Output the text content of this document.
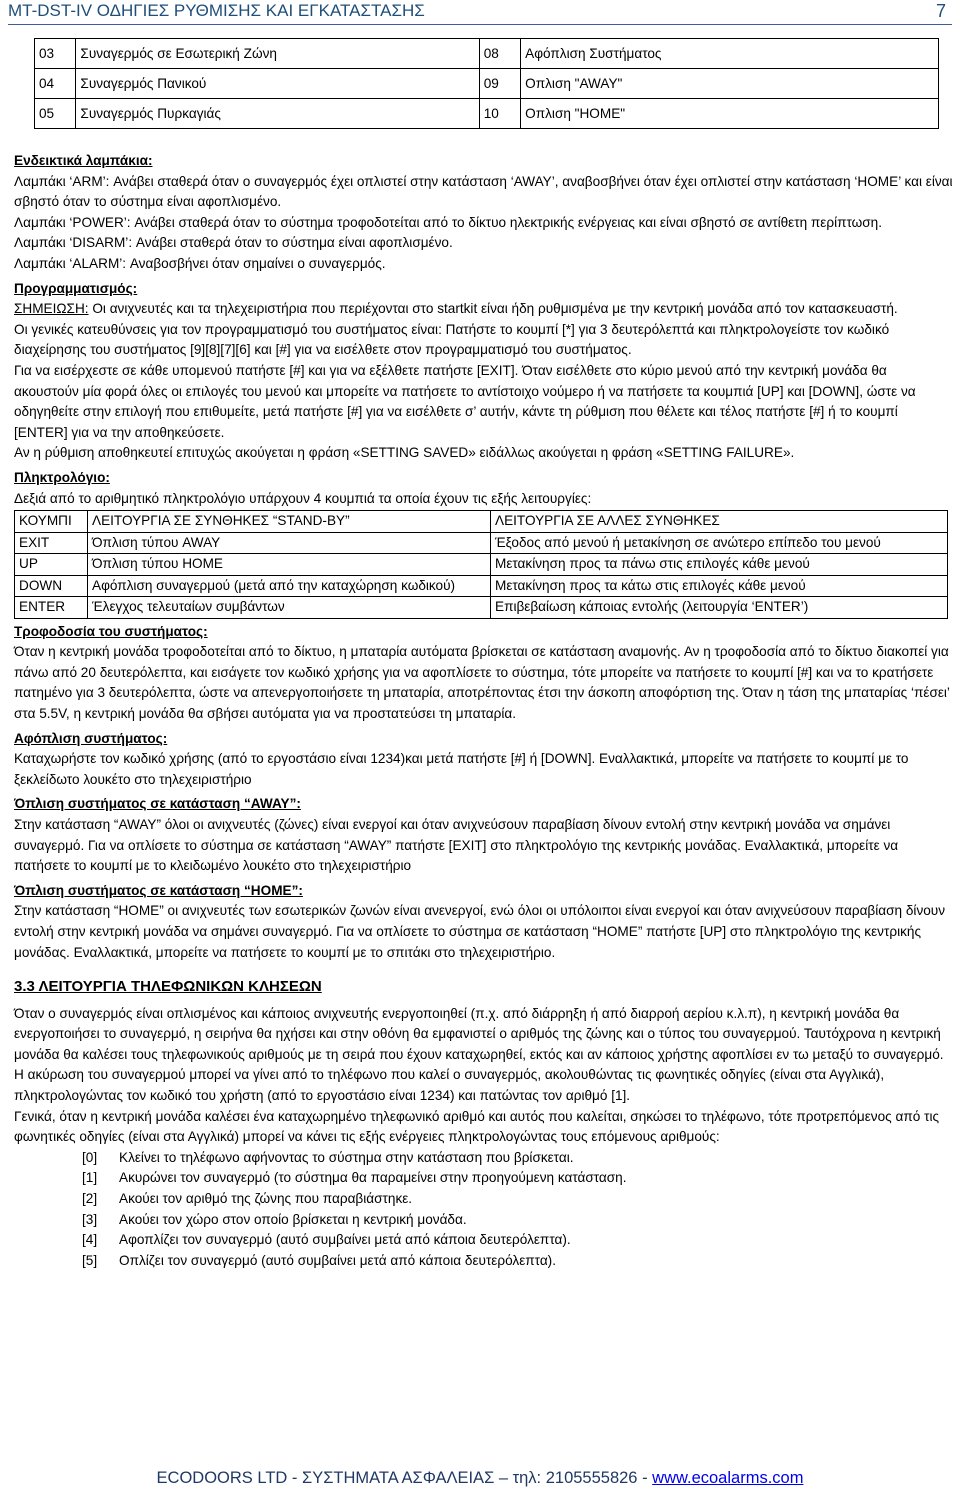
MT-DST-IV ΟΔΗΓΙΕΣ ΡΥΘΜΙΣΗΣ ΚΑΙ ΕΓΚΑΤΑΣΤΑΣΗΣ	7
03	Συναγερμός σε Εσωτερική Ζώνη	08	Αφόπλιση Συστήματος
04	Συναγερμός Πανικού	09	Οπλιση "AWAY"
05	Συναγερμός Πυρκαγιάς	10	Οπλιση "HOME"

Ενδεικτικά λαμπάκια:

Λαμπάκι ‘ARM’: Ανάβει σταθερά όταν ο συναγερμός έχει οπλιστεί στην κατάσταση ‘AWAY’, αναβοσβήνει όταν έχει οπλιστεί στην κατάσταση ‘HOME’ και είναι σβηστό όταν το σύστημα είναι αφοπλισμένο.

Λαμπάκι ‘POWER’: Ανάβει σταθερά όταν το σύστημα τροφοδοτείται από το δίκτυο ηλεκτρικής ενέργειας και είναι σβηστό σε αντίθετη περίπτωση.

Λαμπάκι ‘DISARM’: Ανάβει σταθερά όταν το σύστημα είναι αφοπλισμένο.

Λαμπάκι ‘ALARM’: Αναβοσβήνει όταν σημαίνει ο συναγερμός.

Προγραμματισμός:

ΣΗΜΕΙΩΣΗ: Οι ανιχνευτές και τα τηλεχειριστήρια που περιέχονται στο startkit είναι ήδη ρυθμισμένα με την κεντρική μονάδα από τον κατασκευαστή.

Οι γενικές κατευθύνσεις για τον προγραμματισμό του συστήματος είναι: Πατήστε το κουμπί [*] για 3 δευτερόλεπτά και πληκτρολογείστε τον κωδικό διαχείρησης του συστήματος [9][8][7][6] και [#] για να εισέλθετε στον προγραμματισμό του συστήματος.

Για να εισέρχεστε σε κάθε υπομενού πατήστε [#] και για να εξέλθετε πατήστε [EXIT]. Όταν εισέλθετε στο κύριο μενού από την κεντρική μονάδα θα ακουστούν μία φορά όλες οι επιλογές του μενού και μπορείτε να πατήσετε το αντίστοιχο νούμερο ή να πατήσετε τα κουμπιά [UP] και [DOWN], ώστε να οδηγηθείτε στην επιλογή που επιθυμείτε, μετά πατήστε [#] για να εισέλθετε σ’ αυτήν, κάντε τη ρύθμιση που θέλετε και τέλος πατήστε [#] ή το κουμπί [ENTER] για να την αποθηκεύσετε.

Αν η ρύθμιση αποθηκευτεί επιτυχώς ακούγεται η φράση «SETTING SAVED» ειδάλλως ακούγεται η φράση «SETTING FAILURE».

Πληκτρολόγιο:

Δεξιά από το αριθμητικό πληκτρολόγιο υπάρχουν 4 κουμπιά τα οποία έχουν τις εξής λειτουργίες:

ΚΟΥΜΠΙ	ΛΕΙΤΟΥΡΓΙΑ ΣΕ ΣΥΝΘΗΚΕΣ “STAND-BY”	ΛΕΙΤΟΥΡΓΙΑ ΣΕ ΑΛΛΕΣ ΣΥΝΘΗΚΕΣ
EXIT	Όπλιση τύπου AWAY	Έξοδος από μενού ή μετακίνηση σε ανώτερο επίπεδο του μενού
UP	Όπλιση τύπου HOME	Μετακίνηση προς τα πάνω στις επιλογές κάθε μενού
DOWN	Αφόπλιση συναγερμού (μετά από την καταχώρηση κωδικού)	Μετακίνηση προς τα κάτω στις επιλογές κάθε μενού
ENTER	Έλεγχος τελευταίων συμβάντων	Επιβεβαίωση κάποιας εντολής (λειτουργία ‘ENTER’)

Τροφοδοσία του συστήματος:

Όταν η κεντρική μονάδα τροφοδοτείται από το δίκτυο, η μπαταρία αυτόματα βρίσκεται σε κατάσταση αναμονής. Αν η τροφοδοσία από το δίκτυο διακοπεί για πάνω από 20 δευτερόλεπτα, και εισάγετε τον κωδικό χρήσης για να αφοπλίσετε το σύστημα, τότε μπορείτε να πατήσετε το κουμπί [#] και να το κρατήσετε πατημένο για 3 δευτερόλεπτα, ώστε να απενεργοποιήσετε τη μπαταρία, αποτρέποντας έτσι την άσκοπη αποφόρτιση της. Όταν η τάση της μπαταρίας ‘πέσει’ στα 5.5V, η κεντρική μονάδα θα σβήσει αυτόματα για να προστατεύσει τη μπαταρία.

Αφόπλιση συστήματος:

Καταχωρήστε τον κωδικό χρήσης (από το εργοστάσιο είναι 1234)και μετά πατήστε [#] ή [DOWN]. Εναλλακτικά, μπορείτε να πατήσετε το κουμπί με το ξεκλείδωτο λουκέτο στο τηλεχειριστήριο

Όπλιση συστήματος σε κατάσταση “AWAY”:

Στην κατάσταση “AWAY” όλοι οι ανιχνευτές (ζώνες) είναι ενεργοί και όταν ανιχνεύσουν παραβίαση δίνουν εντολή στην κεντρική μονάδα να σημάνει συναγερμό. Για να οπλίσετε το σύστημα σε κατάσταση “AWAY” πατήστε [EXIT] στο πληκτρολόγιο της κεντρικής μονάδας. Εναλλακτικά, μπορείτε να πατήσετε το κουμπί με το κλειδωμένο λουκέτο στο τηλεχειριστήριο

Όπλιση συστήματος σε κατάσταση “HOME”:

Στην κατάσταση “HOME” οι ανιχνευτές των εσωτερικών ζωνών είναι ανενεργοί, ενώ όλοι οι υπόλοιποι είναι ενεργοί και όταν ανιχνεύσουν παραβίαση δίνουν εντολή στην κεντρική μονάδα να σημάνει συναγερμό. Για να οπλίσετε το σύστημα σε κατάσταση “HOME” πατήστε [UP] στο πληκτρολόγιο της κεντρικής μονάδας. Εναλλακτικά, μπορείτε να πατήσετε το κουμπί με το σπιτάκι στο τηλεχειριστήριο.

3.3 ΛΕΙΤΟΥΡΓΙΑ ΤΗΛΕΦΩΝΙΚΩΝ ΚΛΗΣΕΩΝ

Όταν ο συναγερμός είναι οπλισμένος και κάποιος ανιχνευτής ενεργοποιηθεί (π.χ. από διάρρηξη ή από διαρροή αερίου κ.λ.π), η κεντρική μονάδα θα ενεργοποιήσει το συναγερμό, η σειρήνα θα ηχήσει και στην οθόνη θα εμφανιστεί ο αριθμός της ζώνης και ο τύπος του συναγερμού. Ταυτόχρονα η κεντρική μονάδα θα καλέσει τους τηλεφωνικούς αριθμούς με τη σειρά που έχουν καταχωρηθεί, εκτός και αν κάποιος χρήστης αφοπλίσει εν τω μεταξύ το συναγερμό.

Η ακύρωση του συναγερμού μπορεί να γίνει από το τηλέφωνο που καλεί ο συναγερμός, ακολουθώντας τις φωνητικές οδηγίες (είναι στα Αγγλικά), πληκτρολογώντας τον κωδικό του χρήστη (από το εργοστάσιο είναι 1234) και πατώντας τον αριθμό [1].

Γενικά, όταν η κεντρική μονάδα καλέσει ένα καταχωρημένο τηλεφωνικό αριθμό και αυτός που καλείται, σηκώσει το τηλέφωνο, τότε προτρεπόμενος από τις φωνητικές οδηγίες (είναι στα Αγγλικά) μπορεί να κάνει τις εξής ενέργειες πληκτρολογώντας τους επόμενους αριθμούς:

[0]	Κλείνει το τηλέφωνο αφήνοντας το σύστημα στην κατάσταση που βρίσκεται.
[1]	Ακυρώνει τον συναγερμό (το σύστημα θα παραμείνει στην προηγούμενη κατάσταση.
[2]	Ακούει τον αριθμό της ζώνης που παραβιάστηκε.
[3]	Ακούει τον χώρο στον οποίο βρίσκεται η κεντρική μονάδα.
[4]	Αφοπλίζει τον συναγερμό (αυτό συμβαίνει μετά από κάποια δευτερόλεπτα).
[5]	Οπλίζει τον συναγερμό (αυτό συμβαίνει μετά από κάποια δευτερόλεπτα).
ECODOORS LTD - ΣΥΣΤΗΜΑΤΑ ΑΣΦΑΛΕΙΑΣ – τηλ: 2105555826 - www.ecoalarms.com
